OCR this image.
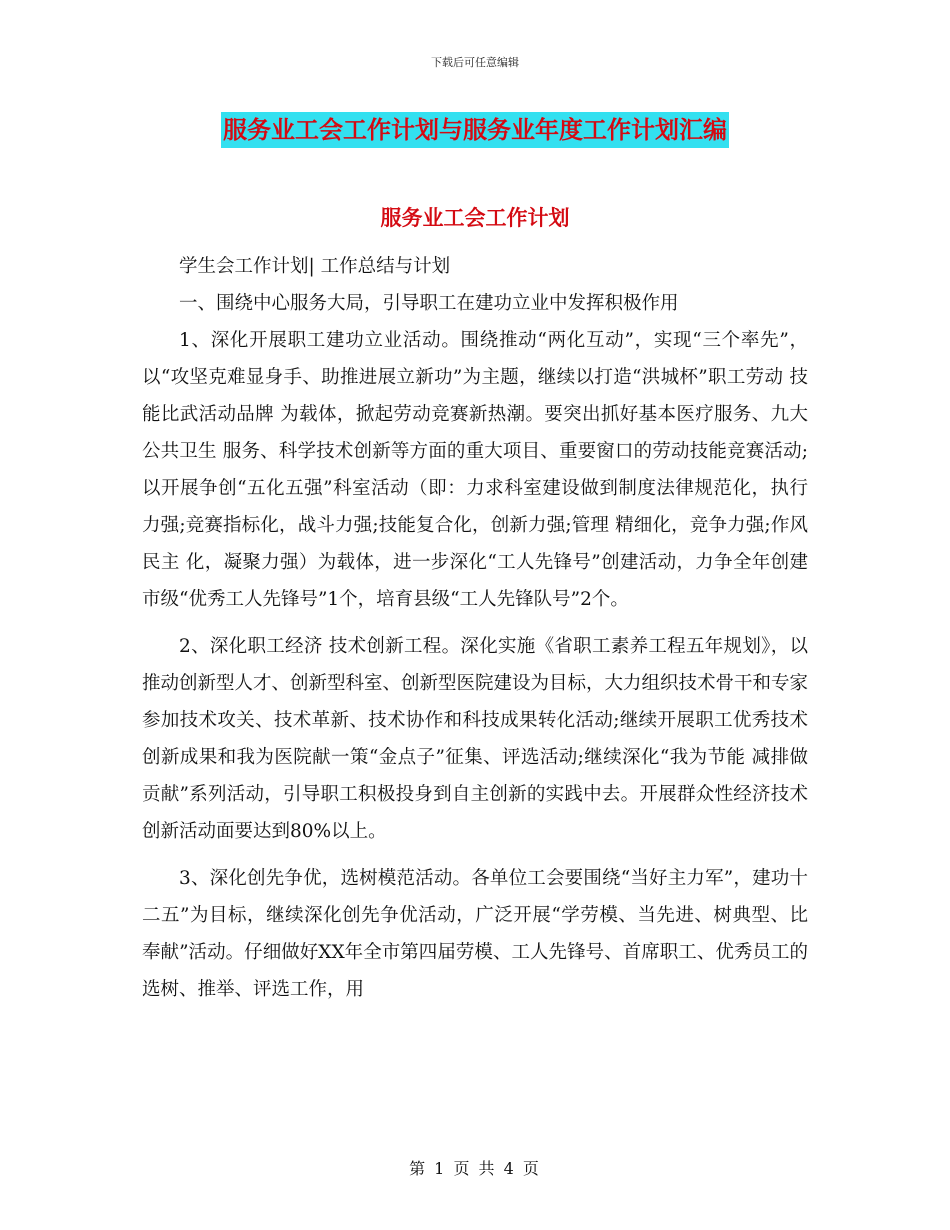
下载后可任意编辑
服务业工会工作计划与服务业年度工作计划汇编
服务业工会工作计划

学生会工作计划| 工作总结与计划

一、围绕中心服务大局，引导职工在建功立业中发挥积极作用

1、深化开展职工建功立业活动。围绕推动“两化互动”，实现“三个率先”，以“攻坚克难显身手、助推进展立新功”为主题，继续以打造“洪城杯”职工劳动 技能比武活动品牌 为载体，掀起劳动竞赛新热潮。要突出抓好基本医疗服务、九大公共卫生 服务、科学技术创新等方面的重大项目、重要窗口的劳动技能竞赛活动;以开展争创“五化五强”科室活动（即：力求科室建设做到制度法律规范化，执行力强;竞赛指标化，战斗力强;技能复合化，创新力强;管理 精细化，竞争力强;作风民主 化，凝聚力强）为载体，进一步深化“工人先锋号”创建活动，力争全年创建市级“优秀工人先锋号”1个，培育县级“工人先锋队号”2个。

2、深化职工经济 技术创新工程。深化实施《省职工素养工程五年规划》，以推动创新型人才、创新型科室、创新型医院建设为目标，大力组织技术骨干和专家参加技术攻关、技术革新、技术协作和科技成果转化活动;继续开展职工优秀技术创新成果和我为医院献一策“金点子”征集、评选活动;继续深化“我为节能 减排做贡献”系列活动，引导职工积极投身到自主创新的实践中去。开展群众性经济技术创新活动面要达到80%以上。

3、深化创先争优，选树模范活动。各单位工会要围绕“当好主力军”，建功十二五”为目标，继续深化创先争优活动，广泛开展“学劳模、当先进、树典型、比奉献”活动。仔细做好XX年全市第四届劳模、工人先锋号、首席职工、优秀员工的选树、推举、评选工作，用

第 1 页 共 4 页
